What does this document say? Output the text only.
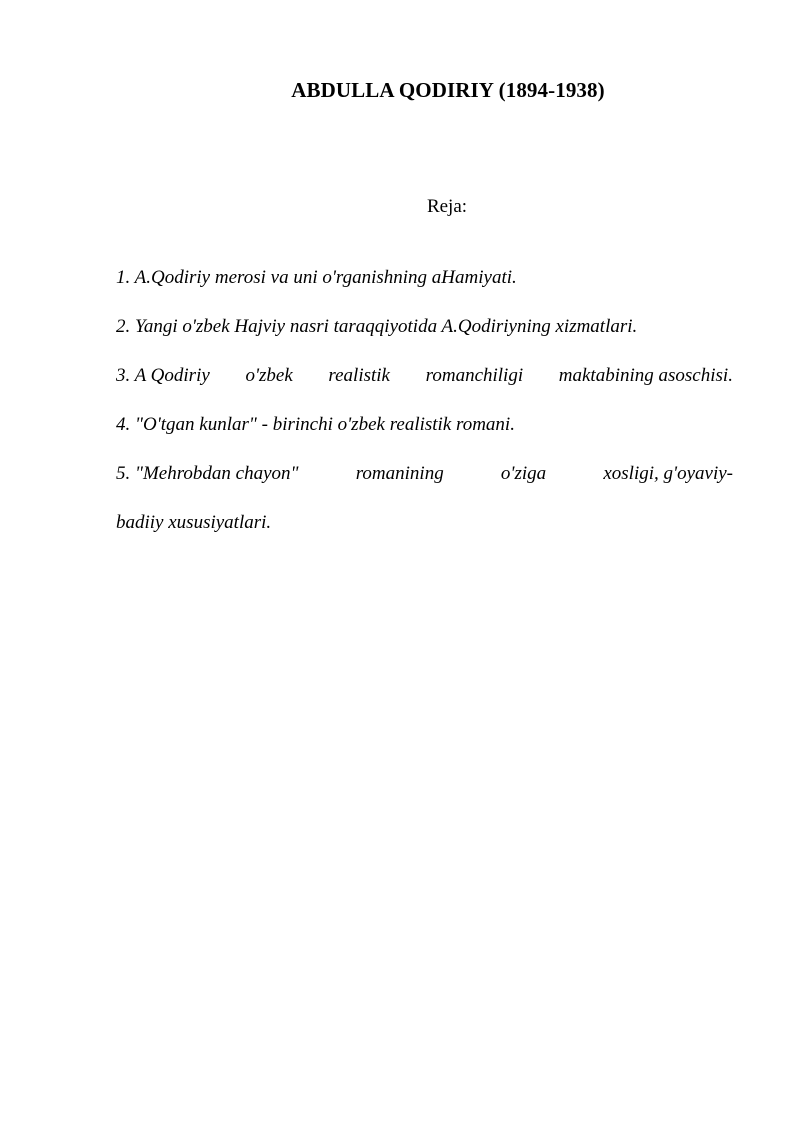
ABDULLA QODIRIY (1894-1938)

Reja:

1. A.Qodiriy merosi va uni o'rganishning aHamiyati.
2. Yangi o'zbek Hajviy nasri taraqqiyotida A.Qodiriyning xizmatlari.
3. A Qodiriy o'zbek realistik romanchiligi maktabining asoschisi.
4. "O'tgan kunlar" - birinchi o'zbek realistik romani.
5. "Mehrobdan chayon"	romanining	o'ziga	xosligi, g'oyaviy-
badiiy xususiyatlari.
